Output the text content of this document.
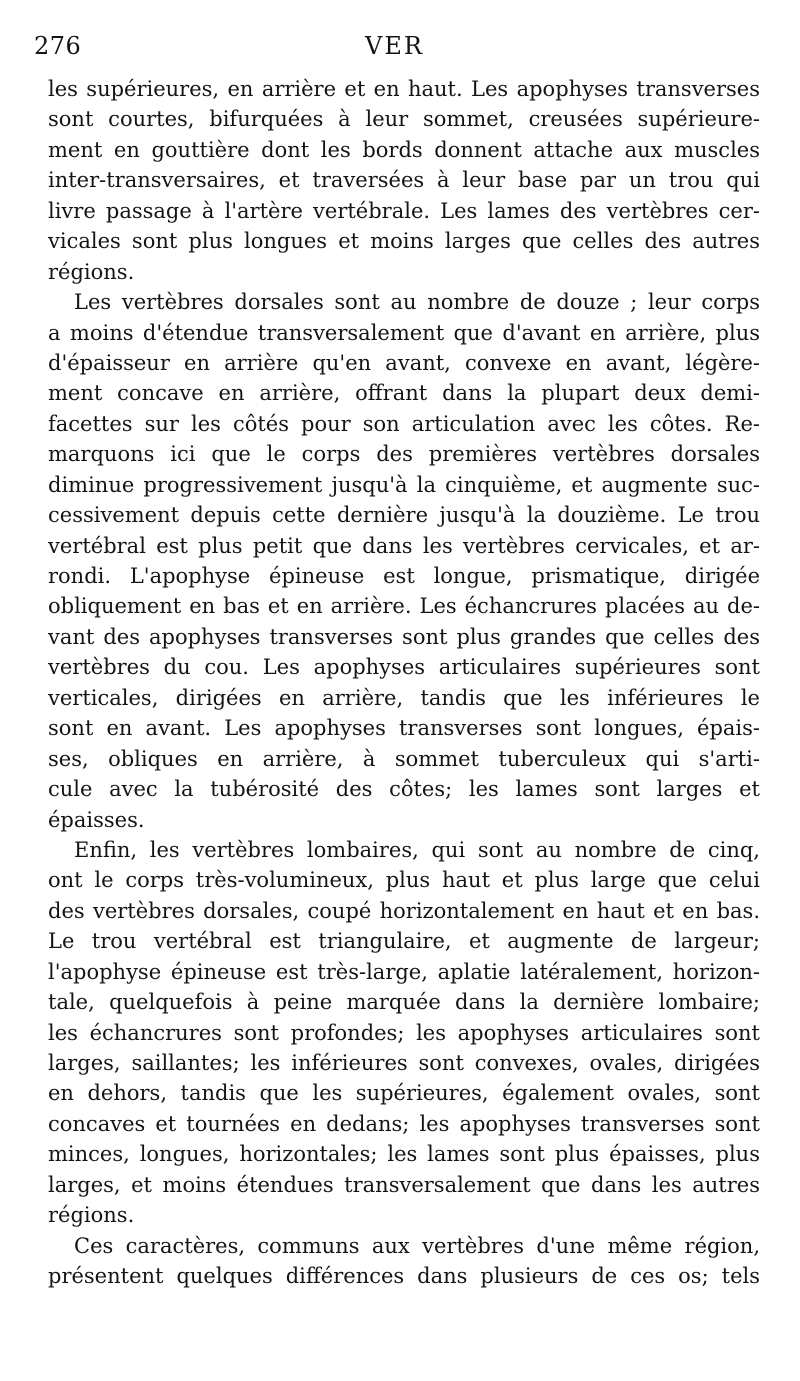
276	VER
les supérieures, en arrière et en haut. Les apophyses transverses
sont courtes, bifurquées à leur sommet, creusées supérieure-
ment en gouttière dont les bords donnent attache aux muscles
inter-transversaires, et traversées à leur base par un trou qui
livre passage à l'artère vertébrale. Les lames des vertèbres cer-
vicales sont plus longues et moins larges que celles des autres
régions.
Les vertèbres dorsales sont au nombre de douze ; leur corps
a moins d'étendue transversalement que d'avant en arrière, plus
d'épaisseur en arrière qu'en avant, convexe en avant, légère-
ment concave en arrière, offrant dans la plupart deux demi-
facettes sur les côtés pour son articulation avec les côtes. Re-
marquons ici que le corps des premières vertèbres dorsales
diminue progressivement jusqu'à la cinquième, et augmente suc-
cessivement depuis cette dernière jusqu'à la douzième. Le trou
vertébral est plus petit que dans les vertèbres cervicales, et ar-
rondi. L'apophyse épineuse est longue, prismatique, dirigée
obliquement en bas et en arrière. Les échancrures placées au de-
vant des apophyses transverses sont plus grandes que celles des
vertèbres du cou. Les apophyses articulaires supérieures sont
verticales, dirigées en arrière, tandis que les inférieures le
sont en avant. Les apophyses transverses sont longues, épais-
ses, obliques en arrière, à sommet tuberculeux qui s'arti-
cule avec la tubérosité des côtes; les lames sont larges et
épaisses.
Enfin, les vertèbres lombaires, qui sont au nombre de cinq,
ont le corps très-volumineux, plus haut et plus large que celui
des vertèbres dorsales, coupé horizontalement en haut et en bas.
Le trou vertébral est triangulaire, et augmente de largeur;
l'apophyse épineuse est très-large, aplatie latéralement, horizon-
tale, quelquefois à peine marquée dans la dernière lombaire;
les échancrures sont profondes; les apophyses articulaires sont
larges, saillantes; les inférieures sont convexes, ovales, dirigées
en dehors, tandis que les supérieures, également ovales, sont
concaves et tournées en dedans; les apophyses transverses sont
minces, longues, horizontales; les lames sont plus épaisses, plus
larges, et moins étendues transversalement que dans les autres
régions.
Ces caractères, communs aux vertèbres d'une même région,
présentent quelques différences dans plusieurs de ces os; tels
